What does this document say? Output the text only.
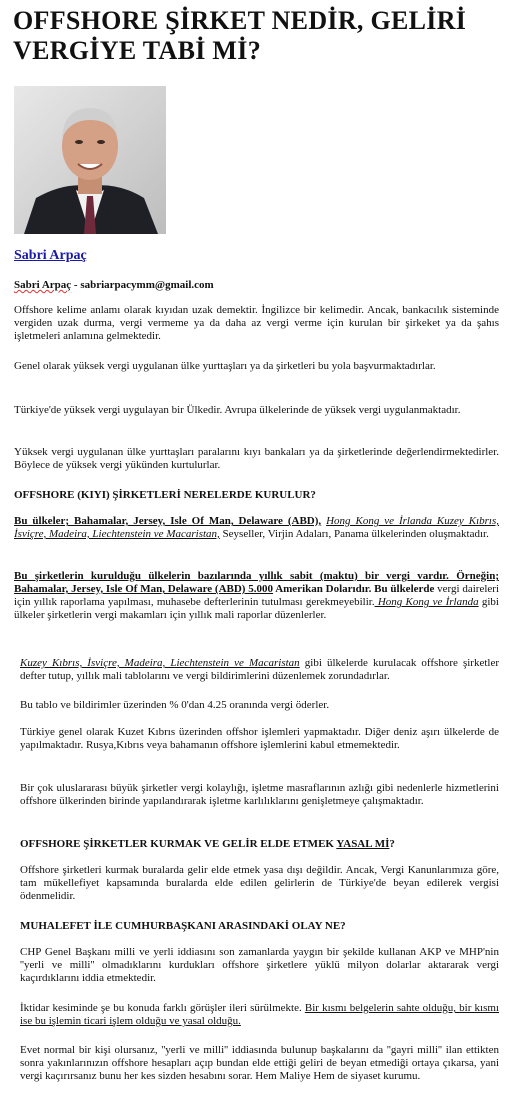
OFFSHORE ŞİRKET NEDİR, GELİRİ VERGİYE TABİ Mİ?
Sabri Arpaç
Sabri Arpaç - sabriarpacymm@gmail.com

Offshore kelime anlamı olarak kıyıdan uzak demektir. İngilizce bir kelimedir. Ancak, bankacılık sisteminde vergiden uzak durma, vergi vermeme ya da daha az vergi verme için kurulan bir şirkeket ya da şahıs işletmeleri anlamına gelmektedir.

Genel olarak yüksek vergi uygulanan ülke yurttaşları ya da şirketleri bu yola başvurmaktadırlar.

Türkiye'de yüksek vergi uygulayan bir Ülkedir. Avrupa ülkelerinde de yüksek vergi uygulanmaktadır.

Yüksek vergi uygulanan ülke yurttaşları paralarını kıyı bankaları ya da şirketlerinde değerlendirmektedirler. Böylece de yüksek vergi yükünden kurtulurlar.

OFFSHORE (KIYI) ŞİRKETLERİ NERELERDE KURULUR?

Bu ülkeler; Bahamalar, Jersey, Isle Of Man, Delaware (ABD), Hong Kong ve İrlanda Kuzey Kıbrıs, İsviçre, Madeira, Liechtenstein ve Macaristan, Seyseller, Virjin Adaları, Panama ülkelerinden oluşmaktadır.

Bu şirketlerin kurulduğu ülkelerin bazılarında yıllık sabit (maktu) bir vergi vardır. Örneğin; Bahamalar, Jersey, Isle Of Man, Delaware (ABD) 5.000 Amerikan Dolarıdır. Bu ülkelerde vergi daireleri için yıllık raporlama yapılması, muhasebe defterlerinin tutulması gerekmeyebilir. Hong Kong ve İrlanda gibi ülkeler şirketlerin vergi makamları için yıllık mali raporlar düzenlerler.

Kuzey Kıbrıs, İsviçre, Madeira, Liechtenstein ve Macaristan gibi ülkelerde kurulacak offshore şirketler defter tutup, yıllık mali tablolarını ve vergi bildirimlerini düzenlemek zorundadırlar.

Bu tablo ve bildirimler üzerinden % 0'dan 4.25 oranında vergi öderler.

Türkiye genel olarak Kuzet Kıbrıs üzerinden offshor işlemleri yapmaktadır. Diğer deniz aşırı ülkelerde de yapılmaktadır. Rusya,Kıbrıs veya bahamanın offshore işlemlerini kabul etmemektedir.

Bir çok uluslararası büyük şirketler vergi kolaylığı, işletme masraflarının azlığı gibi nedenlerle hizmetlerini offshore ülkerinden birinde yapılandırarak işletme karlılıklarını genişletmeye çalışmaktadır.

OFFSHORE ŞİRKETLER KURMAK VE GELİR ELDE ETMEK YASAL Mİ?

Offshore şirketleri kurmak buralarda gelir elde etmek yasa dışı değildir. Ancak, Vergi Kanunlarımıza göre, tam mükellefiyet kapsamında buralarda elde edilen gelirlerin de Türkiye'de beyan edilerek vergisi ödenmelidir.

MUHALEFET İLE CUMHURBAŞKANI ARASINDAKİ OLAY NE?

CHP Genel Başkanı milli ve yerli iddiasını son zamanlarda yaygın bir şekilde kullanan AKP ve MHP'nin ''yerli ve milli'' olmadıklarını kurdukları offshore şirketlere yüklü milyon dolarlar aktararak vergi kaçırdıklarını iddia etmektedir.

İktidar kesiminde şe bu konuda farklı görüşler ileri sürülmekte. Bir kısmı belgelerin sahte olduğu, bir kısmı ise bu işlemin ticari işlem olduğu ve yasal olduğu.

Evet normal bir kişi olursanız, ''yerli ve milli'' iddiasında bulunup başkalarını da ''gayri milli'' ilan ettikten sonra yakınlarınızın offshore hesapları açıp bundan elde ettiği geliri de beyan etmediği ortaya çıkarsa, yani vergi kaçırırsanız bunu her kes sizden hesabını sorar. Hem Maliye Hem de siyaset kurumu.
